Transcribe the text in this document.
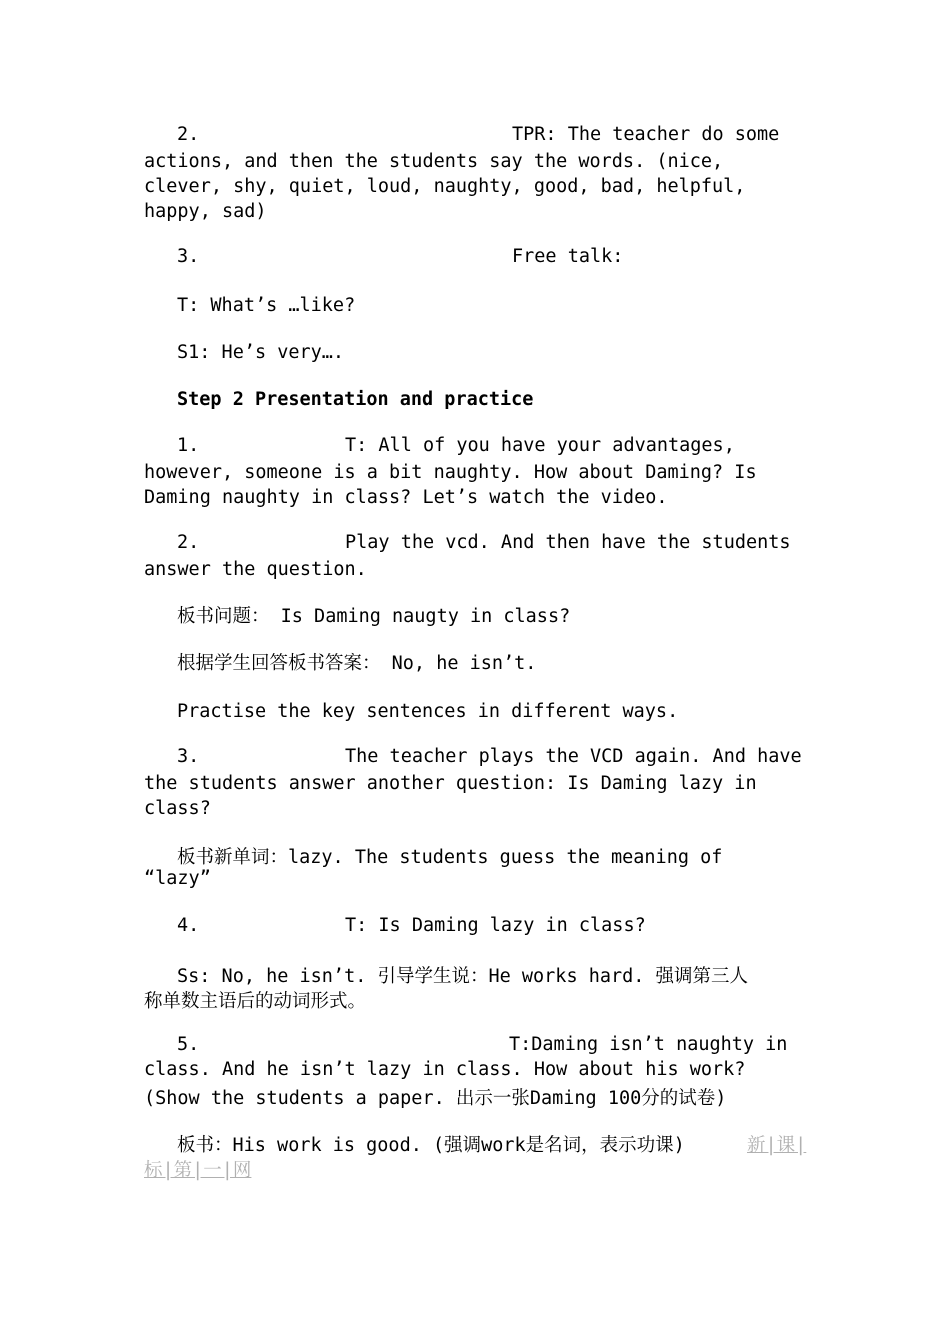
2.	TPR: The teacher do some

actions, and then the students say the words. (nice, clever, shy, quiet, loud, naughty, good, bad, helpful, happy, sad)

3.	Free talk:

T: What’s …like?

S1: He’s very….

Step 2 Presentation and practice

1.	T: All of you have your advantages,

however, someone is a bit naughty. How about Daming? Is Daming naughty in class? Let’s watch the video.

2.	Play the vcd. And then have the students

answer the question.

板书问题： Is Daming naugty in class?

根据学生回答板书答案： No, he isn’t.

Practise the key sentences in different ways.

3.	The teacher plays the VCD again. And have

the students answer another question: Is Daming lazy in class?

板书新单词：lazy. The students guess the meaning of
“lazy”
4.	T: Is Daming lazy in class?
Ss: No, he isn’t. 引导学生说：He works hard. 强调第三人
称单数主语后的动词形式。
5.	T:Daming isn’t naughty in
class. And he isn’t lazy in class. How about his work?
(Show the students a paper. 出示一张Daming 100分的试卷)
板书：His work is good. (强调work是名词，表示功课)	新|课|
标|第|一|网
